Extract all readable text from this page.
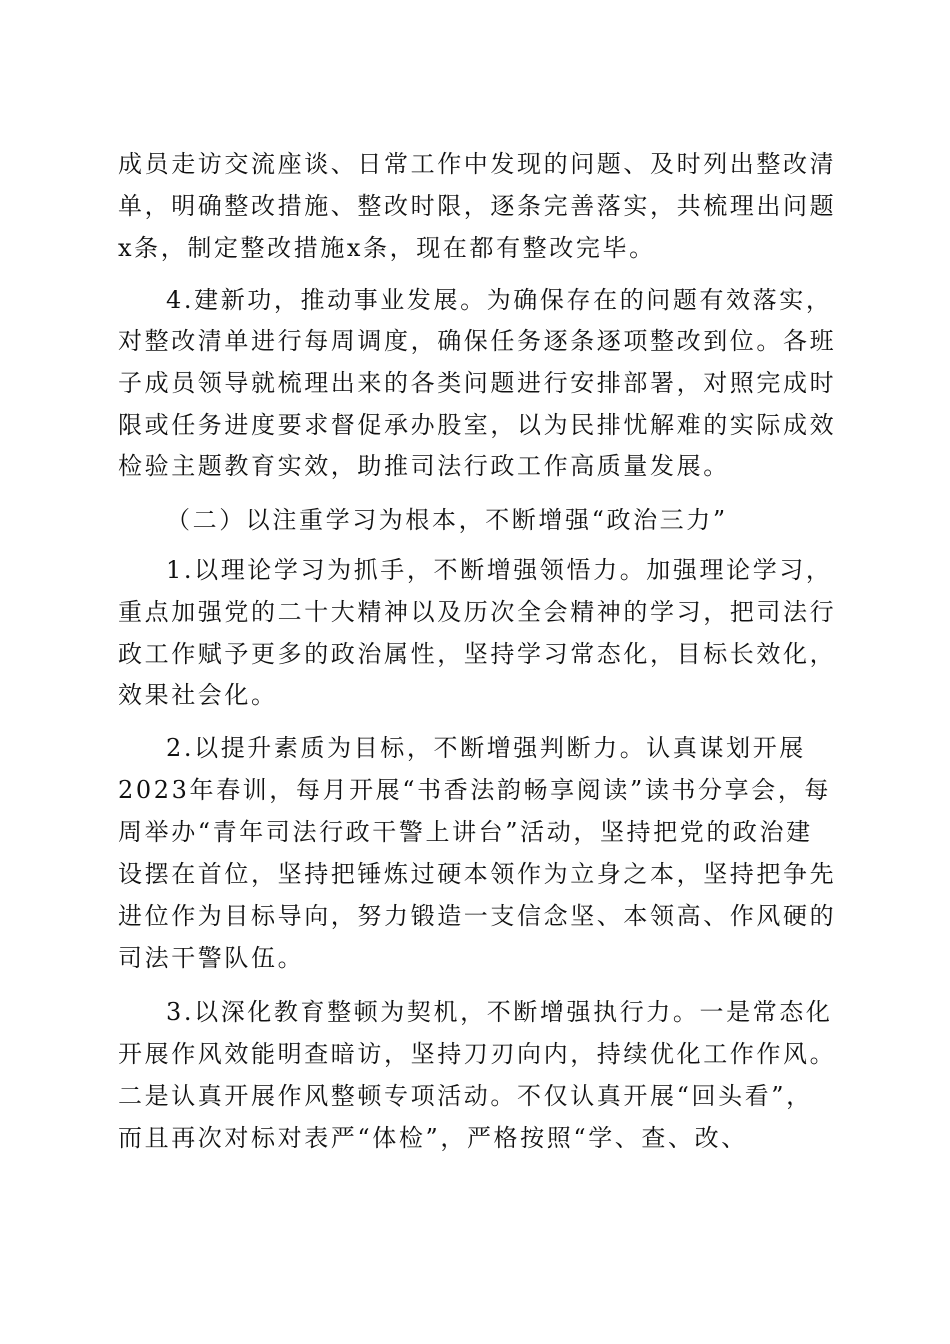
成员走访交流座谈、日常工作中发现的问题、及时列出整改清
单，明确整改措施、整改时限，逐条完善落实，共梳理出问题
x条，制定整改措施x条，现在都有整改完毕。
4.建新功，推动事业发展。为确保存在的问题有效落实，
对整改清单进行每周调度，确保任务逐条逐项整改到位。各班
子成员领导就梳理出来的各类问题进行安排部署，对照完成时
限或任务进度要求督促承办股室，以为民排忧解难的实际成效
检验主题教育实效，助推司法行政工作高质量发展。
（二）以注重学习为根本，不断增强“政治三力”
1.以理论学习为抓手，不断增强领悟力。加强理论学习，
重点加强党的二十大精神以及历次全会精神的学习，把司法行
政工作赋予更多的政治属性，坚持学习常态化，目标长效化，
效果社会化。
2.以提升素质为目标，不断增强判断力。认真谋划开展
2023年春训，每月开展“书香法韵畅享阅读”读书分享会，每
周举办“青年司法行政干警上讲台”活动，坚持把党的政治建
设摆在首位，坚持把锤炼过硬本领作为立身之本，坚持把争先
进位作为目标导向，努力锻造一支信念坚、本领高、作风硬的
司法干警队伍。
3.以深化教育整顿为契机，不断增强执行力。一是常态化
开展作风效能明查暗访，坚持刀刃向内，持续优化工作作风。
二是认真开展作风整顿专项活动。不仅认真开展“回头看”，
而且再次对标对表严“体检”，严格按照“学、查、改、
